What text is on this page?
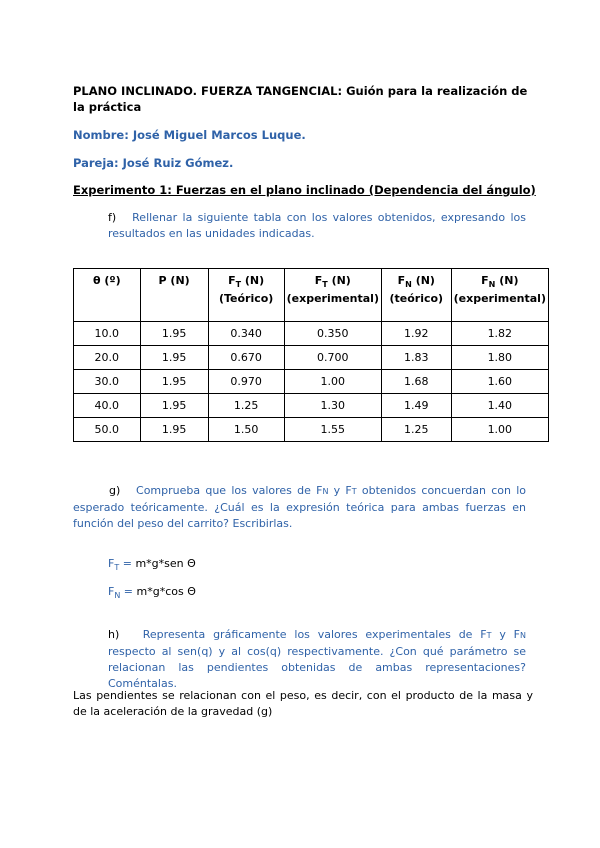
PLANO INCLINADO. FUERZA TANGENCIAL: Guión para la realización de la práctica
Nombre: José Miguel Marcos Luque.
Pareja: José Ruiz Gómez.
Experimento 1: Fuerzas en el plano inclinado (Dependencia del ángulo)
f) Rellenar la siguiente tabla con los valores obtenidos, expresando los resultados en las unidades indicadas.
θ (º)	P (N)	$F_T$ (N) (Teórico)	$F_T$ (N) (experimental)	$F_N$ (N) (teórico)	$F_N$ (N) (experimental)
10.0	1.95	0.340	0.350	1.92	1.82
20.0	1.95	0.670	0.700	1.83	1.80
30.0	1.95	0.970	1.00	1.68	1.60
40.0	1.95	1.25	1.30	1.49	1.40
50.0	1.95	1.50	1.55	1.25	1.00
g) Comprueba que los valores de FN y FT obtenidos concuerdan con lo esperado teóricamente. ¿Cuál es la expresión teórica para ambas fuerzas en función del peso del carrito? Escribirlas.
$F_T = m*g*sen$ Θ
$F_N = m*g*\cos$ Θ
h) Representa gráficamente los valores experimentales de FT y FN respecto al sen(q) y al cos(q) respectivamente. ¿Con qué parámetro se relacionan las pendientes obtenidas de ambas representaciones? Coméntalas.
Las pendientes se relacionan con el peso, es decir, con el producto de la masa y de la aceleración de la gravedad (g)
